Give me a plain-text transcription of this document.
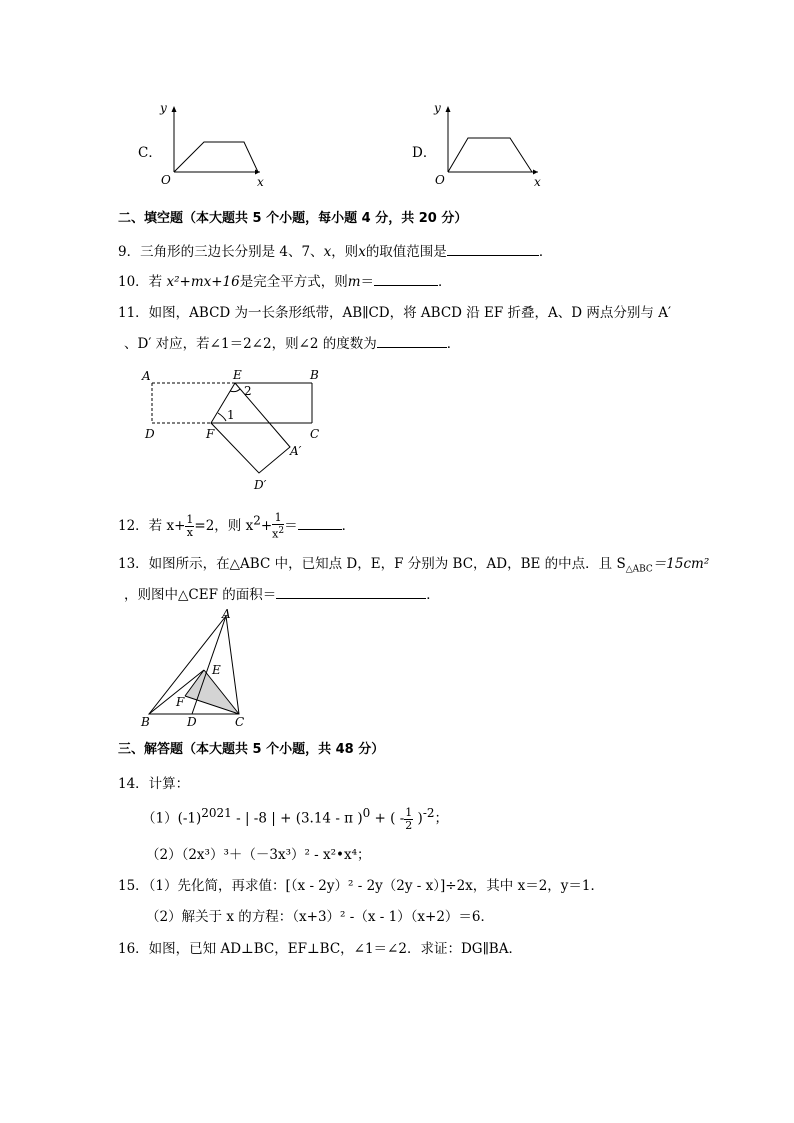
C．
y
x
O
D．
y
x
O
二、填空题（本大题共 5 个小题，每小题 4 分，共 20 分）
9．三角形的三边长分别是 4、7、x，则x的取值范围是	．
10．若 x²+mx+16是完全平方式，则m＝	．
11．如图，ABCD 为一长条形纸带，AB∥CD，将 ABCD 沿 EF 折叠，A、D 两点分别与 A′
、D′ 对应，若∠1＝2∠2，则∠2 的度数为	．
A	E
2
B
1
D	F	C
A′
D′
12．若 $x+ \frac{1}{x} =2$，则 $x^2+ \frac{1}{x^2}$ ＝	．
13．如图所示，在△ABC 中，已知点 D，E，F 分别为 BC，AD，BE 的中点．且 $S_{\triangle ABC}=15cm^2$
，则图中△CEF 的面积＝	．
A
E
F
B	D	C
三、解答题（本大题共 5 个小题，共 48 分）
14．计算：
$(1)(-1)^{2021}$ - | -8 | + (3.14 - π )$^0$ + ( - $\frac{1}{2} )^{-2}$；
（2）（2x³）³＋（－3x³）² - x²•x⁴；
15．（1）先化简，再求值：[（x - 2y）² - 2y（2y - x）]÷2x，其中 x＝2，y＝1．
（2）解关于 x 的方程：（x+3）² -（x - 1）（x+2）＝6．
16．如图，已知 AD⊥BC，EF⊥BC，∠1＝∠2．求证：DG∥BA．
